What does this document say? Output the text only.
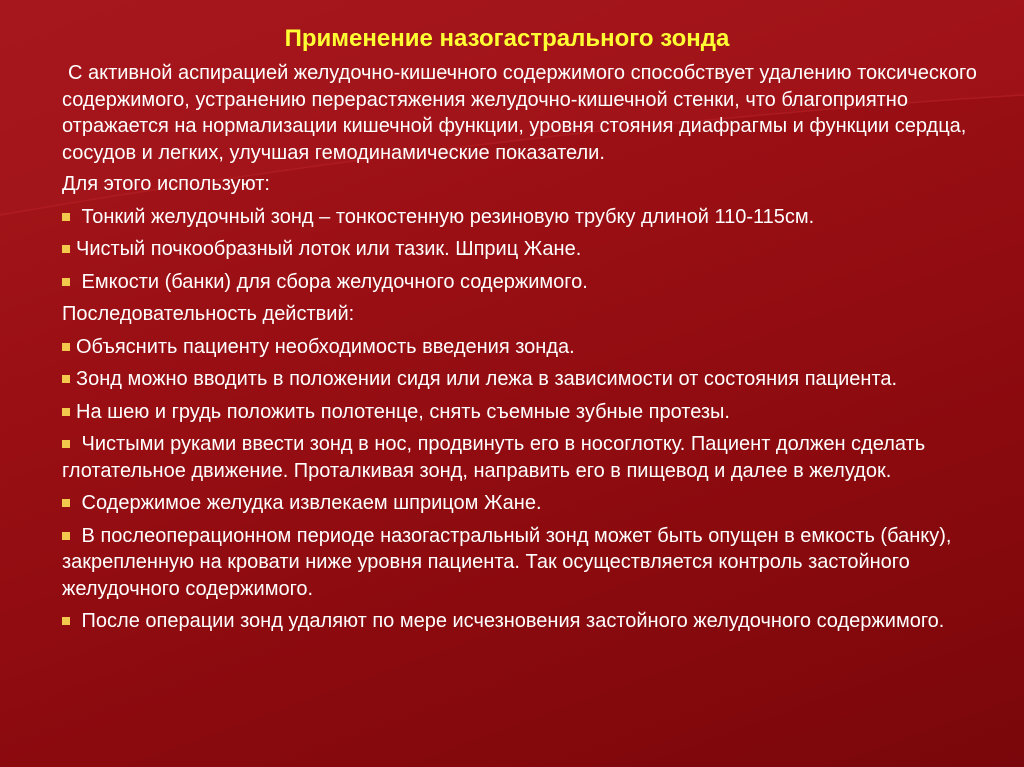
Применение назогастрального зонда
С активной аспирацией желудочно-кишечного содержимого способствует удалению токсического содержимого, устранению перерастяжения желудочно-кишечной стенки, что благоприятно отражается на нормализации кишечной функции, уровня стояния диафрагмы и функции сердца, сосудов и легких, улучшая гемодинамические показатели.
Для этого используют:
Тонкий желудочный зонд – тонкостенную резиновую трубку длиной 110-115см.
Чистый почкообразный лоток или тазик. Шприц Жане.
Емкости (банки) для сбора желудочного содержимого.
Последовательность действий:
Объяснить пациенту необходимость введения зонда.
Зонд можно вводить в положении сидя или лежа в зависимости от состояния пациента.
На шею и грудь положить полотенце, снять съемные зубные протезы.
Чистыми руками ввести зонд в нос, продвинуть его в носоглотку. Пациент должен сделать глотательное движение. Проталкивая зонд, направить его в пищевод и далее в желудок.
Содержимое желудка извлекаем шприцом Жане.
В послеоперационном периоде назогастральный зонд может быть опущен в емкость (банку), закрепленную на кровати ниже уровня пациента. Так осуществляется контроль застойного желудочного содержимого.
После операции зонд удаляют по мере исчезновения застойного желудочного содержимого.
